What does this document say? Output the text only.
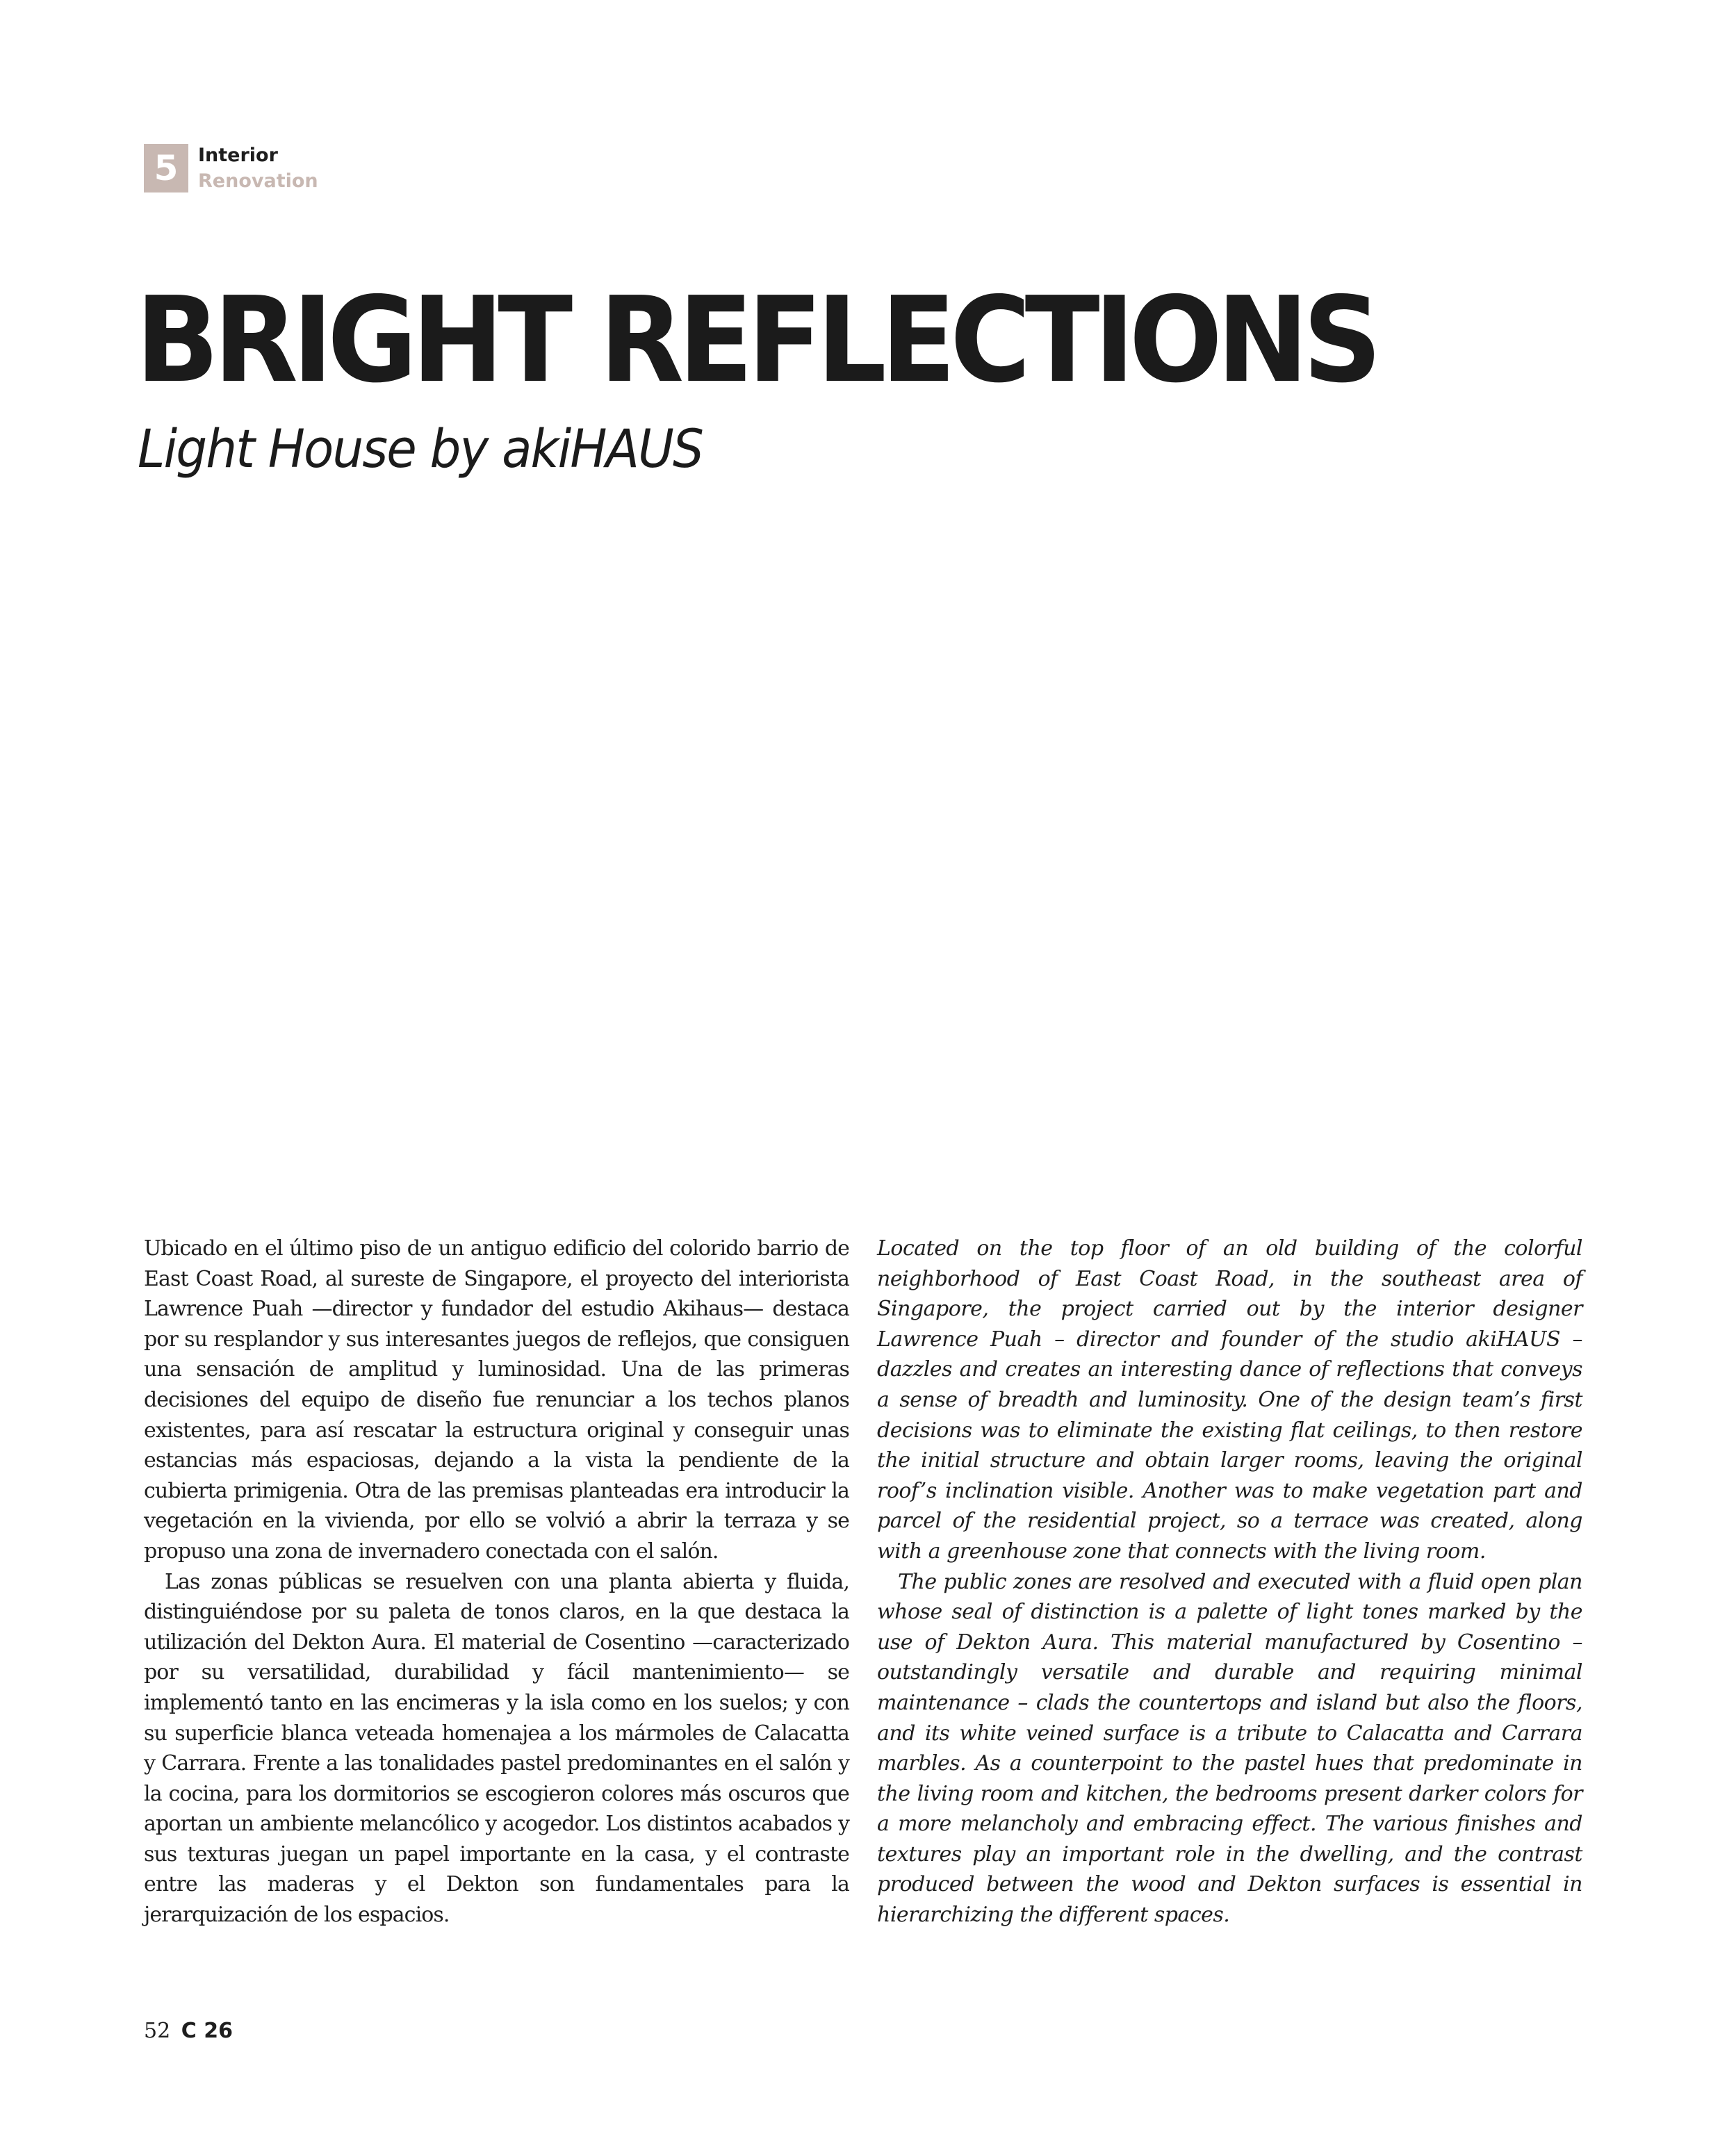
5	Interior
Renovation
BRIGHT REFLECTIONS
Light House by akiHAUS

Ubicado en el último piso de un antiguo edificio del colorido barrio de East Coast Road, al sureste de Singapore, el proyecto del interiorista Lawrence Puah —director y fundador del estudio Akihaus— destaca por su resplandor y sus interesantes juegos de reflejos, que consiguen una sensación de amplitud y luminosidad. Una de las primeras decisiones del equipo de diseño fue renunciar a los techos planos existentes, para así rescatar la estructura original y conseguir unas estancias más espaciosas, dejando a la vista la pendiente de la cubierta primigenia. Otra de las premisas planteadas era introducir la vegetación en la vivienda, por ello se volvió a abrir la terraza y se propuso una zona de invernadero conectada con el salón.

Las zonas públicas se resuelven con una planta abierta y fluida, distinguiéndose por su paleta de tonos claros, en la que destaca la utilización del Dekton Aura. El material de Cosentino —caracterizado por su versatilidad, durabilidad y fácil mantenimiento— se implementó tanto en las encimeras y la isla como en los suelos; y con su superficie blanca veteada homenajea a los mármoles de Calacatta y Carrara. Frente a las tonalidades pastel predominantes en el salón y la cocina, para los dormitorios se escogieron colores más oscuros que aportan un ambiente melancólico y acogedor. Los distintos acabados y sus texturas juegan un papel importante en la casa, y el contraste entre las maderas y el Dekton son fundamentales para la jerarquización de los espacios.

Located on the top floor of an old building of the colorful neighborhood of East Coast Road, in the southeast area of Singapore, the project carried out by the interior designer Lawrence Puah – director and founder of the studio akiHAUS – dazzles and creates an interesting dance of reflections that conveys a sense of breadth and luminosity. One of the design team’s first decisions was to eliminate the existing flat ceilings, to then restore the initial structure and obtain larger rooms, leaving the original roof’s inclination visible. Another was to make vegetation part and parcel of the residential project, so a terrace was created, along with a greenhouse zone that connects with the living room.

The public zones are resolved and executed with a fluid open plan whose seal of distinction is a palette of light tones marked by the use of Dekton Aura. This material manufactured by Cosentino – outstandingly versatile and durable and requiring minimal maintenance – clads the countertops and island but also the floors, and its white veined surface is a tribute to Calacatta and Carrara marbles. As a counterpoint to the pastel hues that predominate in the living room and kitchen, the bedrooms present darker colors for a more melancholy and embracing effect. The various finishes and textures play an important role in the dwelling, and the contrast produced between the wood and Dekton surfaces is essential in hierarchizing the different spaces.

52 C 26
